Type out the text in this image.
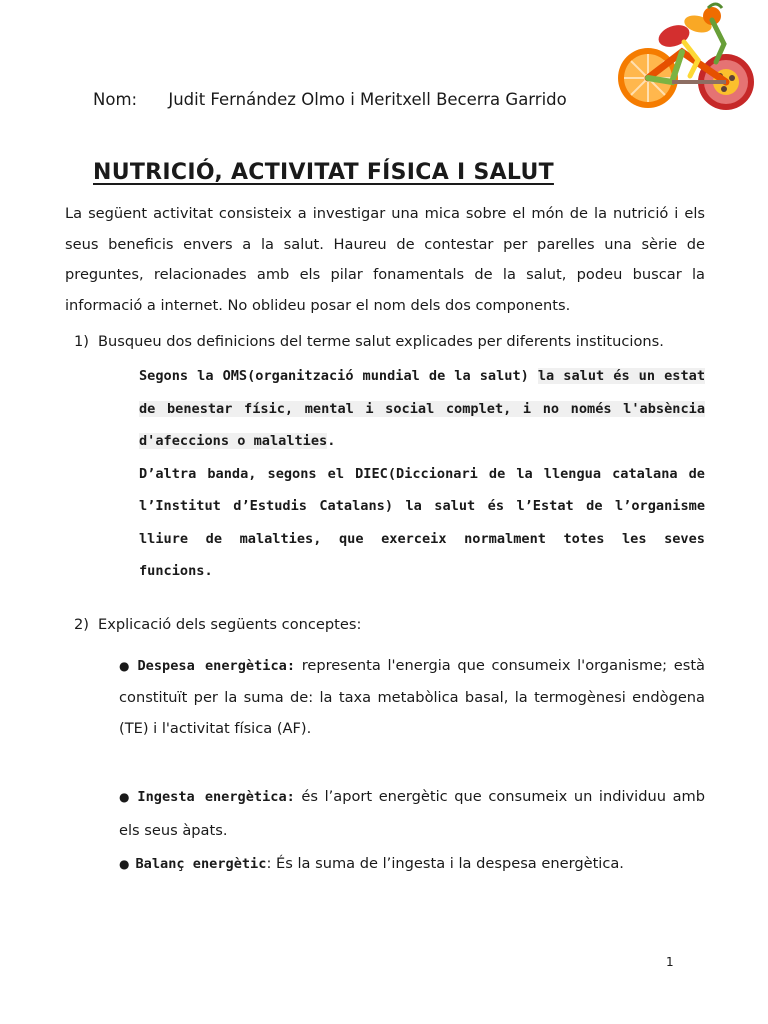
Nom: Judit Fernández Olmo i Meritxell Becerra Garrido
NUTRICIÓ, ACTIVITAT FÍSICA I SALUT
La següent activitat consisteix a investigar una mica sobre el món de la nutrició i els seus beneficis envers a la salut. Haureu de contestar per parelles una sèrie de preguntes, relacionades amb els pilar fonamentals de la salut, podeu buscar la informació a internet. No oblideu posar el nom dels dos components.
1) Busqueu dos definicions del terme salut explicades per diferents institucions.
Segons la OMS(organització mundial de la salut) la salut és un estat de benestar físic, mental i social complet, i no només l'absència d'afeccions o malalties.
D’altra banda, segons el DIEC(Diccionari de la llengua catalana de l’Institut d’Estudis Catalans) la salut és l’Estat de l’organisme lliure de malalties, que exerceix normalment totes les seves funcions.
2) Explicació dels següents conceptes:
● Despesa energètica: representa l'energia que consumeix l'organisme; està constituït per la suma de: la taxa metabòlica basal, la termogènesi endògena (TE) i l'activitat física (AF).
● Ingesta energètica: és l’aport energètic que consumeix un individuu amb els seus àpats.
● Balanç energètic: És la suma de l’ingesta i la despesa energètica.
1
